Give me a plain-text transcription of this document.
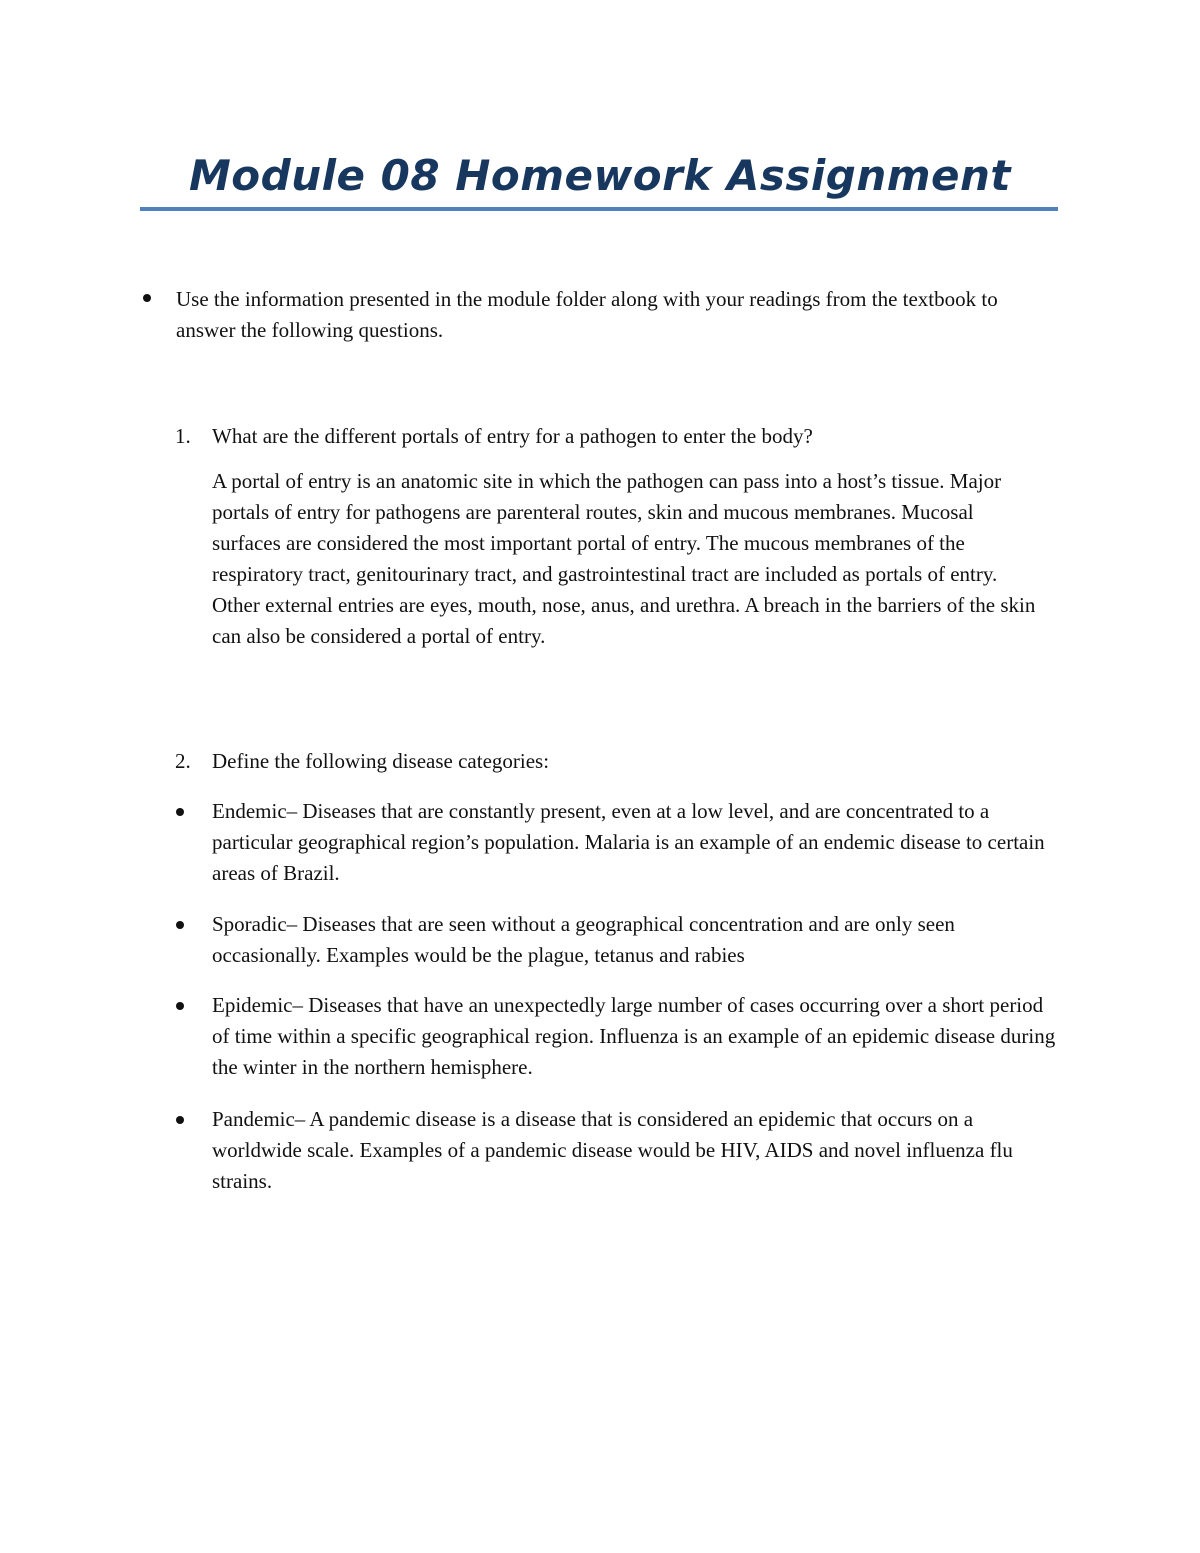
Module 08 Homework Assignment

Use the information presented in the module folder along with your readings from the textbook to answer the following questions.

1.	What are the different portals of entry for a pathogen to enter the body?

A portal of entry is an anatomic site in which the pathogen can pass into a host’s tissue. Major portals of entry for pathogens are parenteral routes, skin and mucous membranes. Mucosal surfaces are considered the most important portal of entry. The mucous membranes of the respiratory tract, genitourinary tract, and gastrointestinal tract are included as portals of entry. Other external entries are eyes, mouth, nose, anus, and urethra. A breach in the barriers of the skin can also be considered a portal of entry.

2.	Define the following disease categories:

Endemic– Diseases that are constantly present, even at a low level, and are concentrated to a particular geographical region’s population. Malaria is an example of an endemic disease to certain areas of Brazil.

Sporadic– Diseases that are seen without a geographical concentration and are only seen occasionally. Examples would be the plague, tetanus and rabies

Epidemic– Diseases that have an unexpectedly large number of cases occurring over a short period of time within a specific geographical region. Influenza is an example of an epidemic disease during the winter in the northern hemisphere.

Pandemic– A pandemic disease is a disease that is considered an epidemic that occurs on a worldwide scale. Examples of a pandemic disease would be HIV, AIDS and novel influenza flu strains.
